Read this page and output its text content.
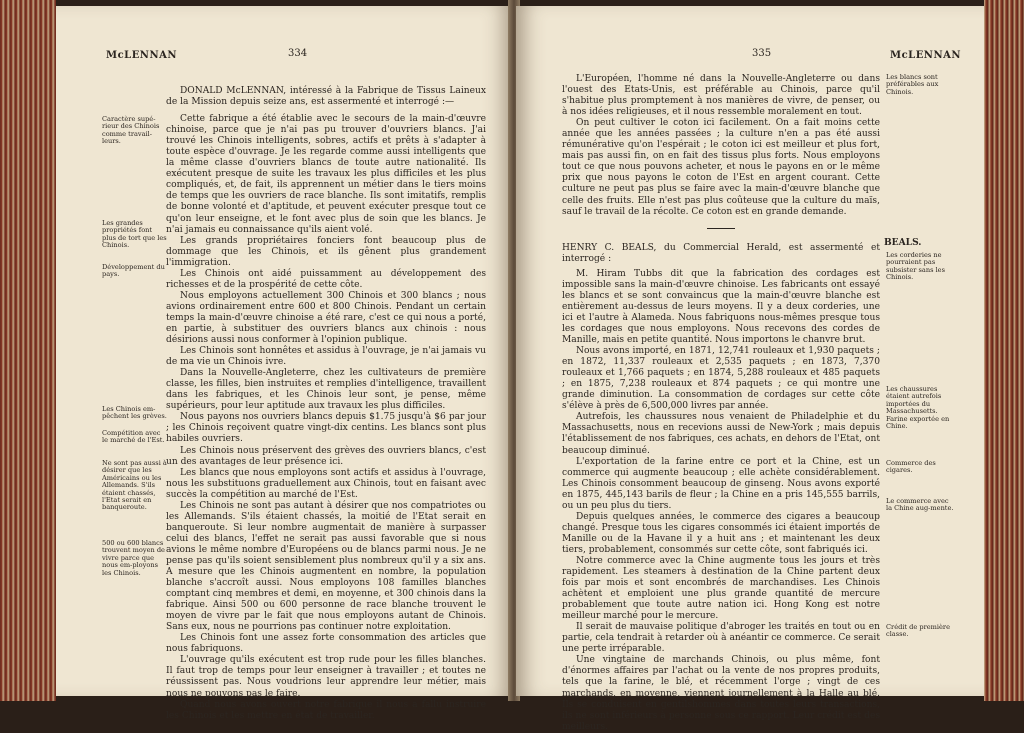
McLENNAN	334
Caractère supé-rieur des Chinois comme travail-leurs.
Les grandes propriétés font plus de tort que les Chinois.
Développement du pays.
Les Chinois em-pêchent les grèves.
Compétition avec le marché de l'Est.
Ne sont pas aussi à désirer que les Américains ou les Allemands. S'ils étaient chassés, l'Etat serait en banqueroute.
500 ou 600 blancs trouvent moyen de vivre parce que nous em-ployons les Chinois.

DONALD McLENNAN, intéressé à la Fabrique de Tissus Laineux de la Mission depuis seize ans, est assermenté et interrogé :—

Cette fabrique a été établie avec le secours de la main-d'œuvre chinoise, parce que je n'ai pas pu trouver d'ouvriers blancs. J'ai trouvé les Chinois intelligents, sobres, actifs et prêts à s'adapter à toute espèce d'ouvrage. Je les regarde comme aussi intelligents que la même classe d'ouvriers blancs de toute autre nationalité. Ils exécutent presque de suite les travaux les plus difficiles et les plus compliqués, et, de fait, ils apprennent un métier dans le tiers moins de temps que les ouvriers de race blanche. Ils sont imitatifs, remplis de bonne volonté et d'aptitude, et peuvent exécuter presque tout ce qu'on leur enseigne, et le font avec plus de soin que les blancs. Je n'ai jamais eu connaissance qu'ils aient volé.

Les grands propriétaires fonciers font beaucoup plus de dommage que les Chinois, et ils gênent plus grandement l'immigration.

Les Chinois ont aidé puissamment au développement des richesses et de la prospérité de cette côte.

Nous employons actuellement 300 Chinois et 300 blancs ; nous avions ordinairement entre 600 et 800 Chinois. Pendant un certain temps la main-d'œuvre chinoise a été rare, c'est ce qui nous a porté, en partie, à substituer des ouvriers blancs aux chinois : nous désirions aussi nous conformer à l'opinion publique.

Les Chinois sont honnêtes et assidus à l'ouvrage, je n'ai jamais vu de ma vie un Chinois ivre.

Dans la Nouvelle-Angleterre, chez les cultivateurs de première classe, les filles, bien instruites et remplies d'intelligence, travaillent dans les fabriques, et les Chinois leur sont, je pense, même supérieurs, pour leur aptitude aux travaux les plus difficiles.

Nous payons nos ouvriers blancs depuis $1.75 jusqu'à $6 par jour ; les Chinois reçoivent quatre vingt-dix centins. Les blancs sont plus habiles ouvriers.

Les Chinois nous préservent des grèves des ouvriers blancs, c'est un des avantages de leur présence ici.

Les blancs que nous employons sont actifs et assidus à l'ouvrage, nous les substituons graduellement aux Chinois, tout en faisant avec succès la compétition au marché de l'Est.

Les Chinois ne sont pas autant à désirer que nos compatriotes ou les Allemands. S'ils étaient chassés, la moitié de l'Etat serait en banqueroute. Si leur nombre augmentait de manière à surpasser celui des blancs, l'effet ne serait pas aussi favorable que si nous avions le même nombre d'Européens ou de blancs parmi nous. Je ne pense pas qu'ils soient sensiblement plus nombreux qu'il y a six ans. A mesure que les Chinois augmentent en nombre, la population blanche s'accroît aussi. Nous employons 108 familles blanches comptant cinq membres et demi, en moyenne, et 300 chinois dans la fabrique. Ainsi 500 ou 600 personne de race blanche trouvent le moyen de vivre par le fait que nous employons autant de Chinois. Sans eux, nous ne pourrions pas continuer notre exploitation.

Les Chinois font une assez forte consommation des articles que nous fabriquons.

L'ouvrage qu'ils exécutent est trop rude pour les filles blanches. Il faut trop de temps pour leur enseigner à travailler ; et toutes ne réussissent pas. Nous voudrions leur apprendre leur métier, mais nous ne pouvons pas le faire.

Quand nous avons ouvert notre fabrique il nous a fallu instruire les Chinois et les mettre en état de travailler.

335	McLENNAN
Les blancs sont préférables aux Chinois.
BEALS.
Les corderies ne pourraient pas subsister sans les Chinois.
Les chaussures étaient autrefois importées du Massachusetts.
Farine exportée en Chine.
Commerce des cigares.
Le commerce avec la Chine aug-mente.
Crédit de première classe.

L'Européen, l'homme né dans la Nouvelle-Angleterre ou dans l'ouest des Etats-Unis, est préférable au Chinois, parce qu'il s'habitue plus promptement à nos manières de vivre, de penser, ou à nos idées religieuses, et il nous ressemble moralement en tout.

On peut cultiver le coton ici facilement. On a fait moins cette année que les années passées ; la culture n'en a pas été aussi rémunérative qu'on l'espérait ; le coton ici est meilleur et plus fort, mais pas aussi fin, on en fait des tissus plus forts. Nous employons tout ce que nous pouvons acheter, et nous le payons en or le même prix que nous payons le coton de l'Est en argent courant. Cette culture ne peut pas plus se faire avec la main-d'œuvre blanche que celle des fruits. Elle n'est pas plus coûteuse que la culture du maïs, sauf le travail de la récolte. Ce coton est en grande demande.

HENRY C. BEALS, du Commercial Herald, est assermenté et interrogé :

M. Hiram Tubbs dit que la fabrication des cordages est impossible sans la main-d'œuvre chinoise. Les fabricants ont essayé les blancs et se sont convaincus que la main-d'œuvre blanche est entièrement au-dessus de leurs moyens. Il y a deux corderies, une ici et l'autre à Alameda. Nous fabriquons nous-mêmes presque tous les cordages que nous employons. Nous recevons des cordes de Manille, mais en petite quantité. Nous importons le chanvre brut.

Nous avons importé, en 1871, 12,741 rouleaux et 1,930 paquets ; en 1872, 11,337 rouleaux et 2,535 paquets ; en 1873, 7,370 rouleaux et 1,766 paquets ; en 1874, 5,288 rouleaux et 485 paquets ; en 1875, 7,238 rouleaux et 874 paquets ; ce qui montre une grande diminution. La consommation de cordages sur cette côte s'élève à près de 6,500,000 livres par année.

Autrefois, les chaussures nous venaient de Philadelphie et du Massachusetts, nous en recevions aussi de New-York ; mais depuis l'établissement de nos fabriques, ces achats, en dehors de l'Etat, ont beaucoup diminué.

L'exportation de la farine entre ce port et la Chine, est un commerce qui augmente beaucoup ; elle achète considérablement. Les Chinois consomment beaucoup de ginseng. Nous avons exporté en 1875, 445,143 barils de fleur ; la Chine en a pris 145,555 barrils, ou un peu plus du tiers.

Depuis quelques années, le commerce des cigares a beaucoup changé. Presque tous les cigares consommés ici étaient importés de Manille ou de la Havane il y a huit ans ; et maintenant les deux tiers, probablement, consommés sur cette côte, sont fabriqués ici.

Notre commerce avec la Chine augmente tous les jours et très rapidement. Les steamers à destination de la Chine partent deux fois par mois et sont encombrés de marchandises. Les Chinois achètent et emploient une plus grande quantité de mercure probablement que toute autre nation ici. Hong Kong est notre meilleur marché pour le mercure.

Il serait de mauvaise politique d'abroger les traités en tout ou en partie, cela tendrait à retarder où à anéantir ce commerce. Ce serait une perte irréparable.

Une vingtaine de marchands Chinois, ou plus même, font d'énormes affaires par l'achat ou la vente de nos propres produits, tels que la farine, le blé, et récemment l'orge ; vingt de ces marchands, en moyenne, viennent journellement à la Halle au blé. Ils se conduisent en gentilshommes dans toutes leurs transactions, ils ne sont inférieurs à personne sous ce rapport. Leur crédit est des meilleurs.
